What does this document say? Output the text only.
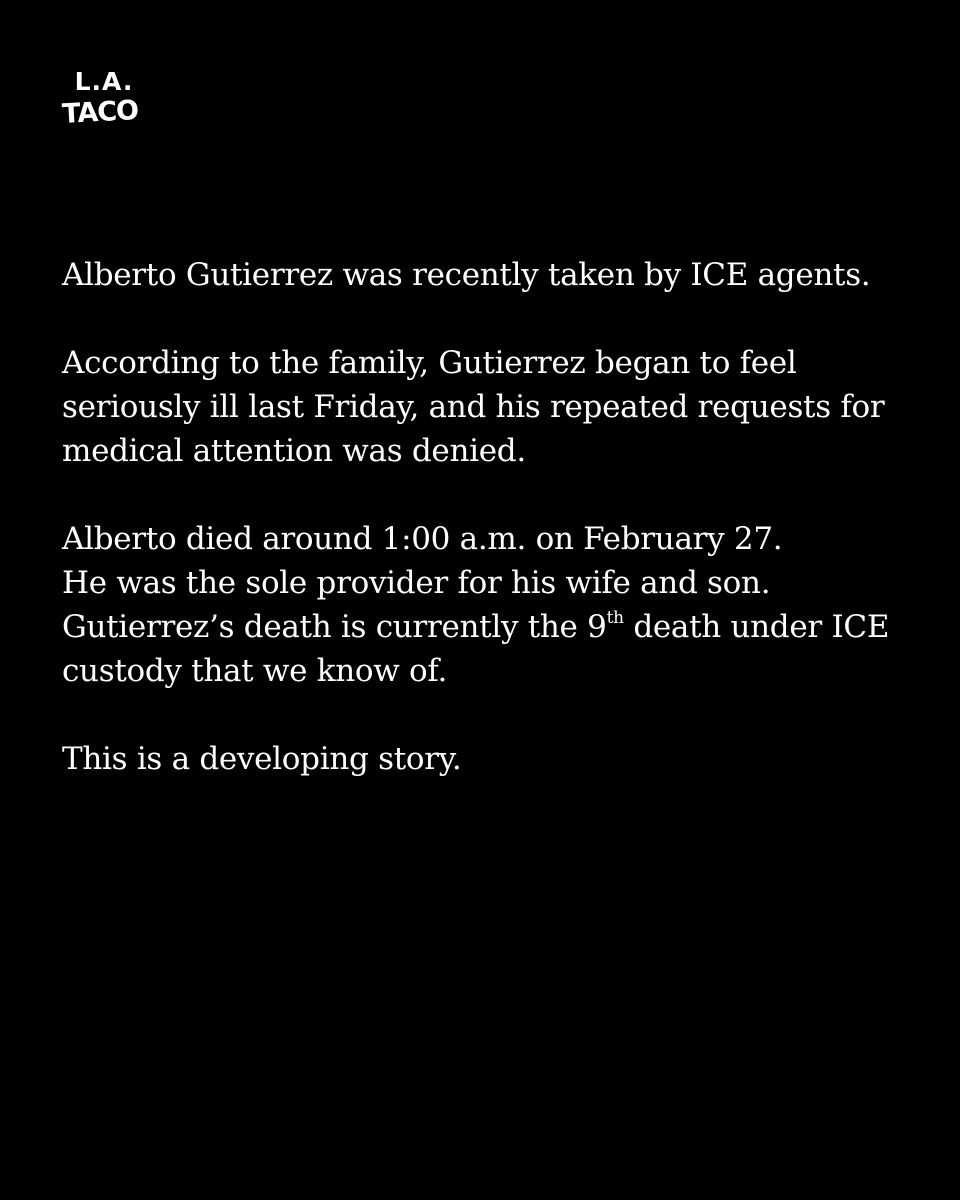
L.A.
TACO

Alberto Gutierrez was recently taken by ICE agents.

According to the family, Gutierrez began to feel
seriously ill last Friday, and his repeated requests for
medical attention was denied.

Alberto died around 1:00 a.m. on February 27.
He was the sole provider for his wife and son.
Gutierrez’s death is currently the 9th death under ICE
custody that we know of.

This is a developing story.
